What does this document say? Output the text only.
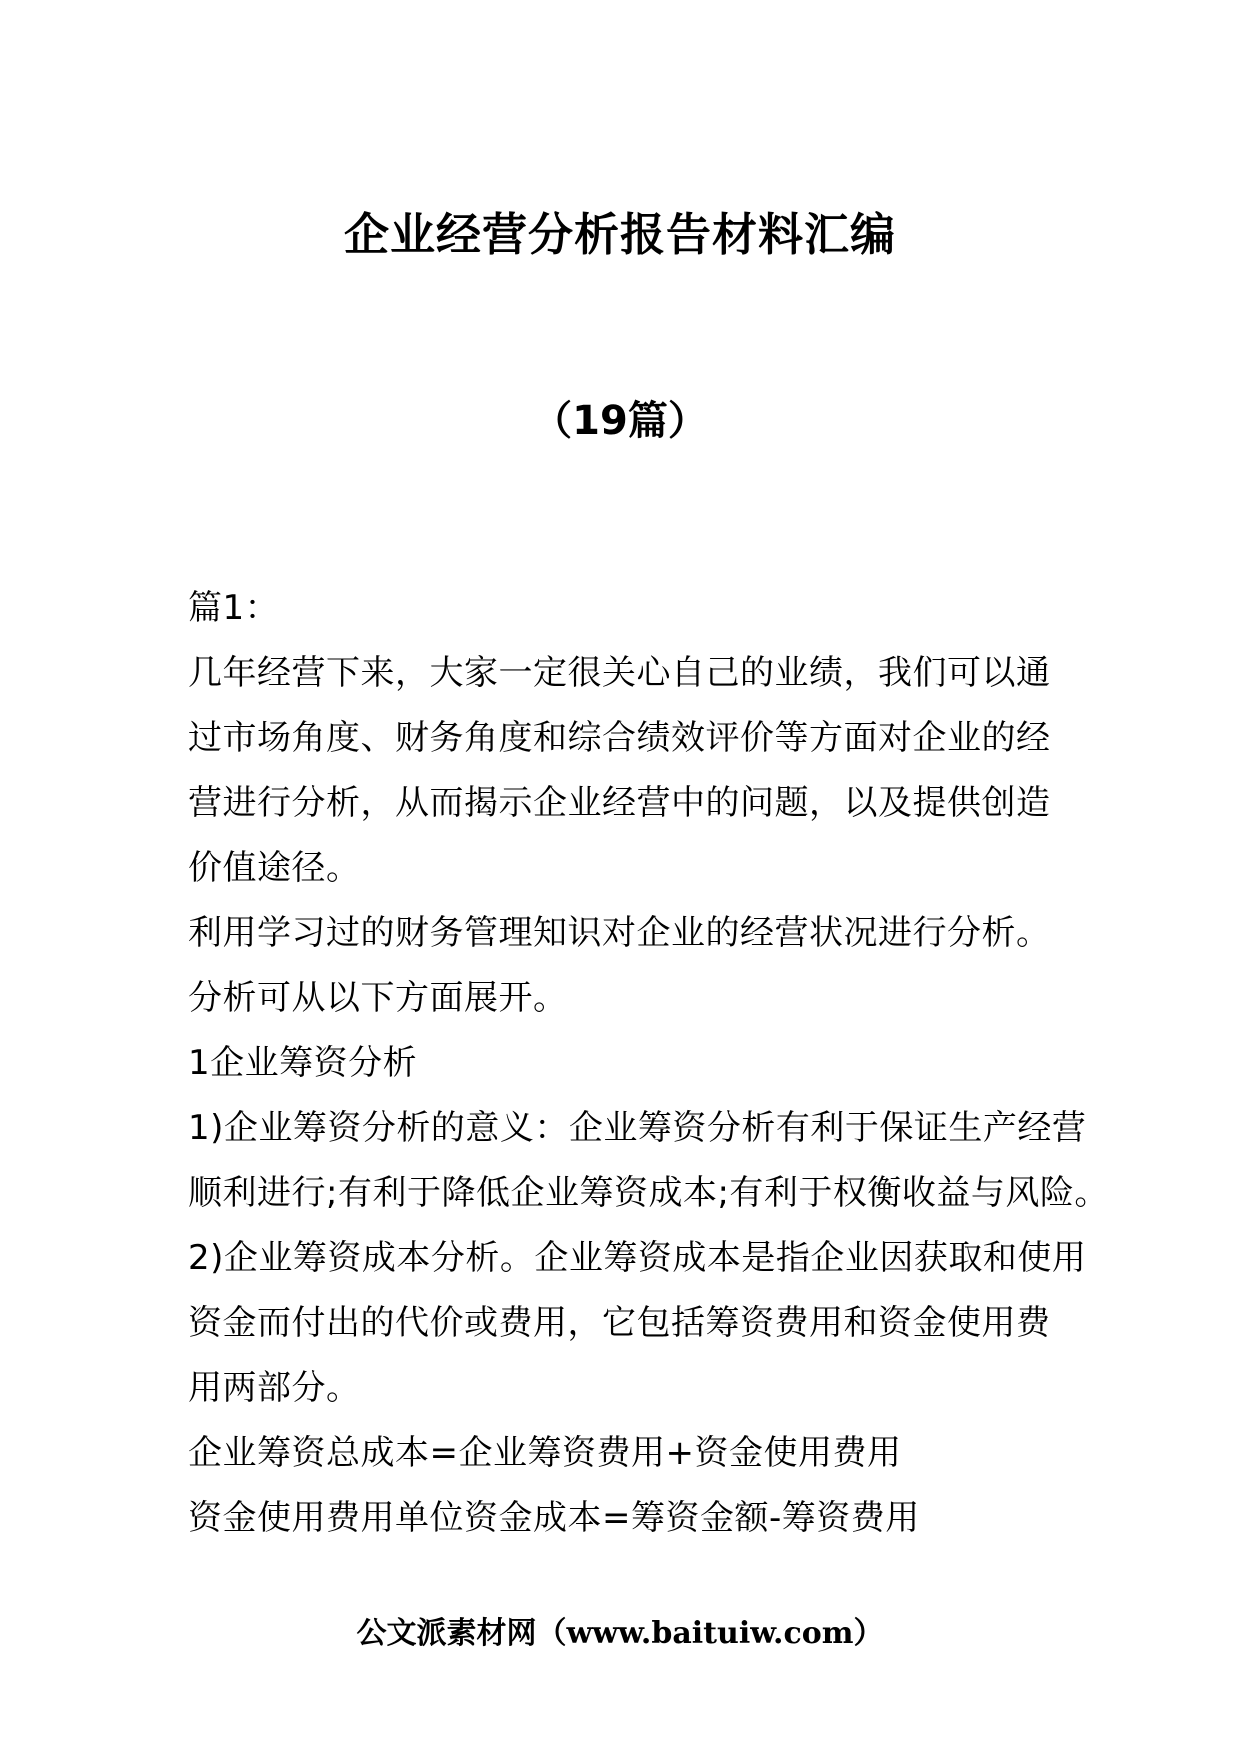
企业经营分析报告材料汇编
（19篇）
篇1：
几年经营下来，大家一定很关心自己的业绩，我们可以通
过市场角度、财务角度和综合绩效评价等方面对企业的经
营进行分析，从而揭示企业经营中的问题，以及提供创造
价值途径。
利用学习过的财务管理知识对企业的经营状况进行分析。
分析可从以下方面展开。
1企业筹资分析
1)企业筹资分析的意义：企业筹资分析有利于保证生产经营
顺利进行;有利于降低企业筹资成本;有利于权衡收益与风险。
2)企业筹资成本分析。企业筹资成本是指企业因获取和使用
资金而付出的代价或费用，它包括筹资费用和资金使用费
用两部分。
企业筹资总成本=企业筹资费用+资金使用费用
资金使用费用单位资金成本=筹资金额-筹资费用
公文派素材网（www.baituiw.com）
